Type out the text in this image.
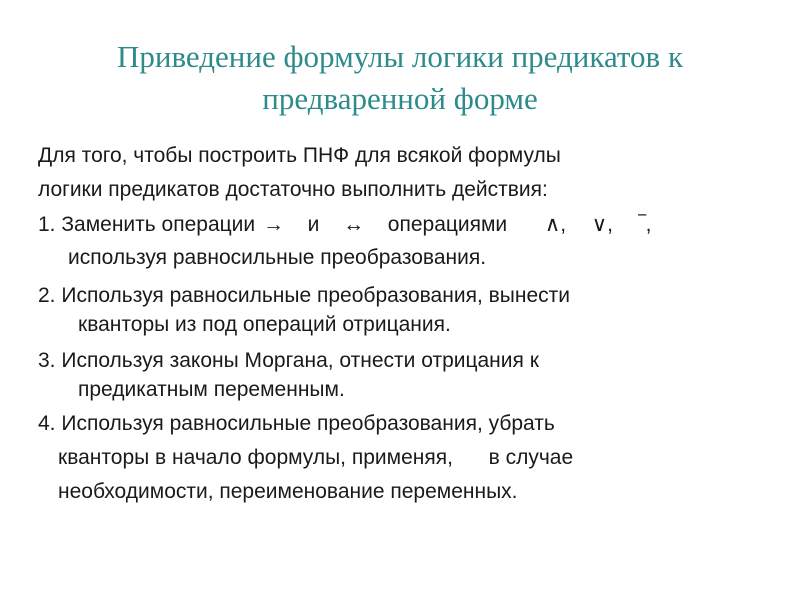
Приведение формулы логики предикатов к
предваренной форме
Для того, чтобы построить ПНФ для всякой формулы
логики предикатов достаточно выполнить действия:
1. Заменить операции → и ↔ операциями ∧, ∨, ‾,
используя равносильные преобразования.
2. Используя равносильные преобразования, вынести
кванторы из под операций отрицания.
3. Используя законы Моргана, отнести отрицания к
предикатным переменным.
4. Используя равносильные преобразования, убрать
кванторы в начало формулы, применяя, в случае
необходимости, переименование переменных.
